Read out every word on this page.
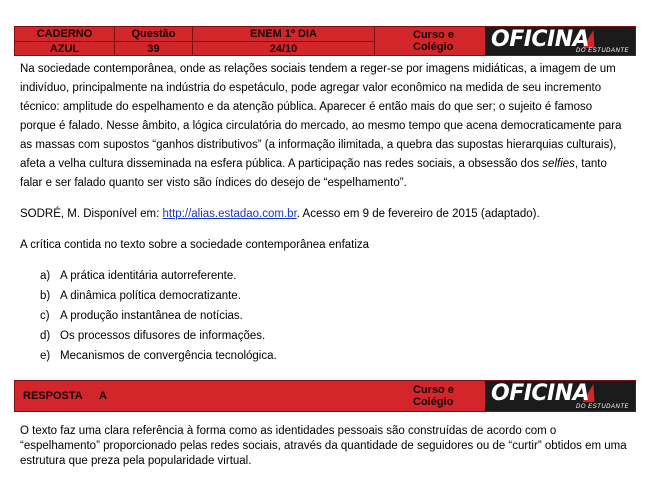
CADERNO
AZUL
Questão
39
ENEM 1º DIA
24/10
Curso e
Colégio OFICINA
DO ESTUDANTE
Na sociedade contemporânea, onde as relações sociais tendem a reger-se por imagens midiáticas, a imagem de um indivíduo, principalmente na indústria do espetáculo, pode agregar valor econômico na medida de seu incremento técnico: amplitude do espelhamento e da atenção pública. Aparecer é então mais do que ser; o sujeito é famoso porque é falado. Nesse âmbito, a lógica circulatória do mercado, ao mesmo tempo que acena democraticamente para as massas com supostos “ganhos distributivos” (a informação ilimitada, a quebra das supostas hierarquias culturais), afeta a velha cultura disseminada na esfera pública. A participação nas redes sociais, a obsessão dos selfies, tanto falar e ser falado quanto ser visto são índices do desejo de “espelhamento”.
SODRÉ, M. Disponível em: http://alias.estadao.com.br. Acesso em 9 de fevereiro de 2015 (adaptado).
A crítica contida no texto sobre a sociedade contemporânea enfatiza
a) A prática identitária autorreferente.
b) A dinâmica política democratizante.
c) A produção instantânea de notícias.
d) Os processos difusores de informações.
e) Mecanismos de convergência tecnológica.
RESPOSTA A	Curso e
Colégio OFICINA
DO ESTUDANTE
O texto faz uma clara referência à forma como as identidades pessoais são construídas de acordo com o “espelhamento” proporcionado pelas redes sociais, através da quantidade de seguidores ou de “curtir” obtidos em uma estrutura que preza pela popularidade virtual.
